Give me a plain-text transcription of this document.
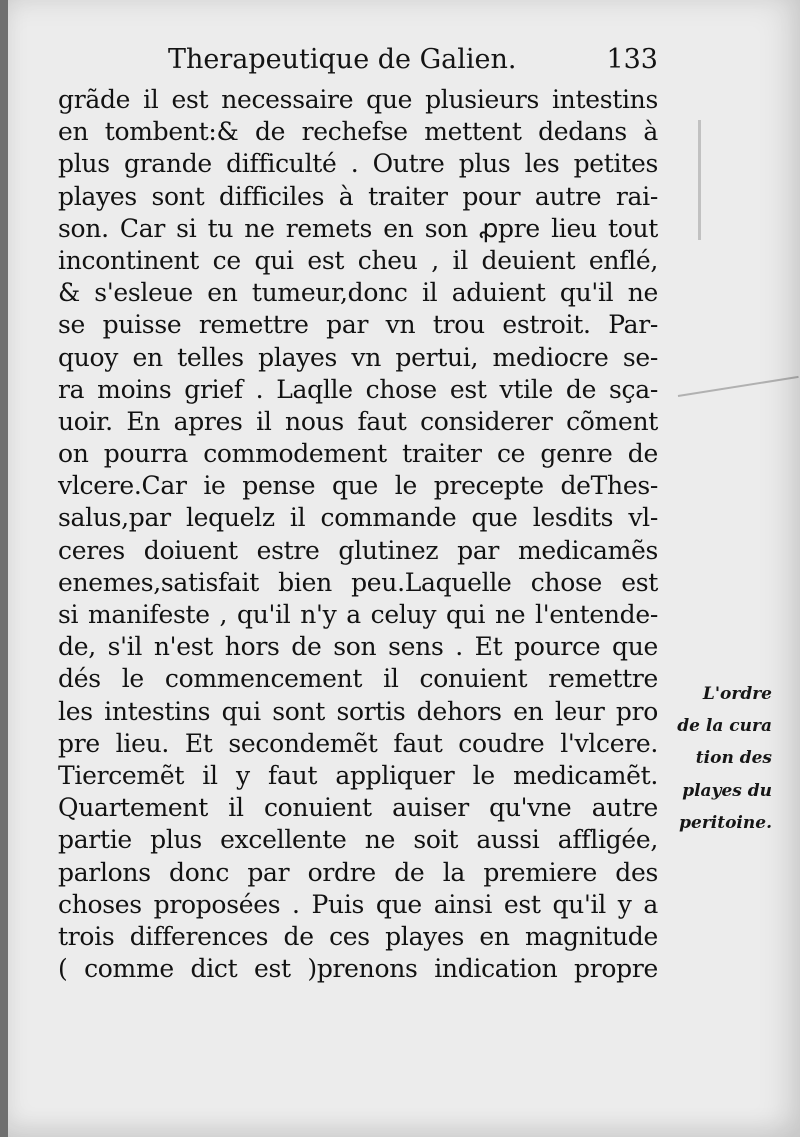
Therapeutique de Galien.	133
grãde il est necessaire que plusieurs intestins
en tombent:& de rechefse mettent dedans à
plus grande difficulté . Outre plus les petites
playes sont difficiles à traiter pour autre rai-
son. Car si tu ne remets en son ꝓpre lieu tout
incontinent ce qui est cheu , il deuient enflé,
& s'esleue en tumeur,donc il aduient qu'il ne
se puisse remettre par vn trou estroit. Par-
quoy en telles playes vn pertui, mediocre se-
ra moins grief . Laqlle chose est vtile de sça-
uoir. En apres il nous faut considerer cõment
on pourra commodement traiter ce genre de
vlcere.Car ie pense que le precepte deThes-
salus,par lequelz il commande que lesdits vl-
ceres doiuent estre glutinez par medicamẽs
enemes,satisfait bien peu.Laquelle chose est
si manifeste , qu'il n'y a celuy qui ne l'entende-
de, s'il n'est hors de son sens . Et pource que
dés le commencement il conuient remettre
les intestins qui sont sortis dehors en leur pro
pre lieu. Et secondemẽt faut coudre l'vlcere.
Tiercemẽt il y faut appliquer le medicamẽt.
Quartement il conuient auiser qu'vne autre
partie plus excellente ne soit aussi affligée,
parlons donc par ordre de la premiere des
choses proposées . Puis que ainsi est qu'il y a
trois differences de ces playes en magnitude
( comme dict est )prenons indication propre
L'ordre
de la cura
tion des
playes du
peritoine.
